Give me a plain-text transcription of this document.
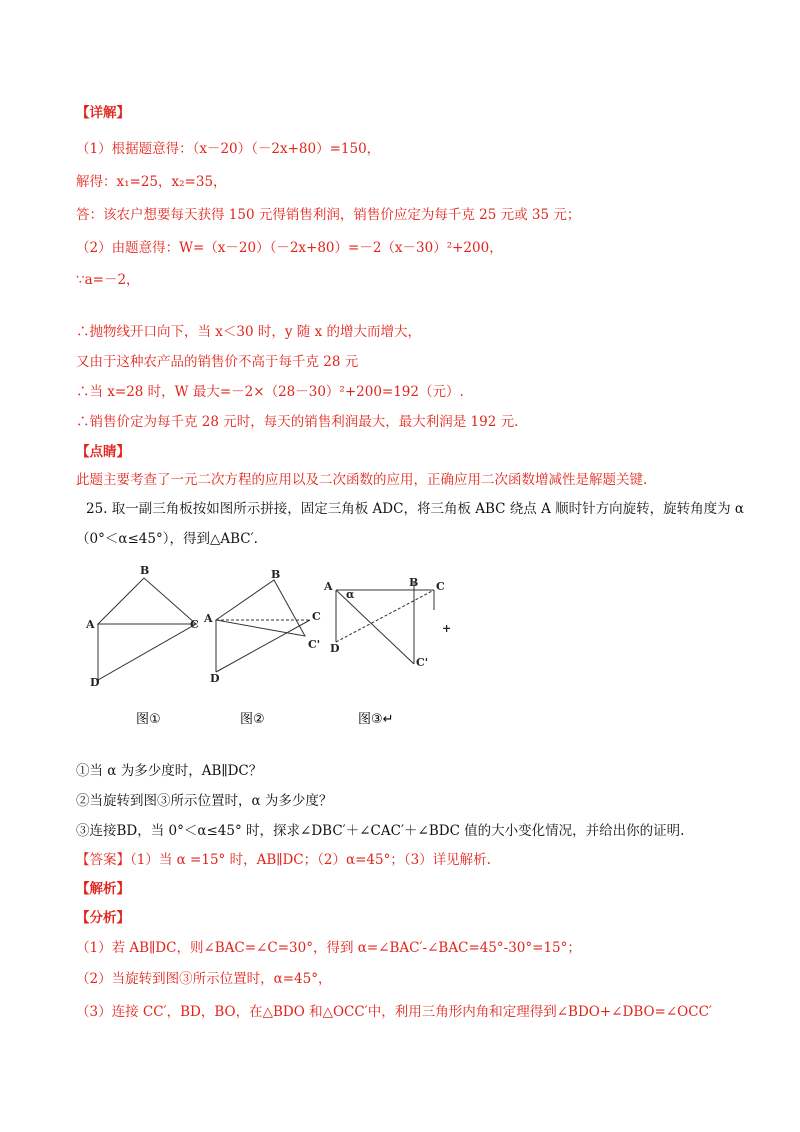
【详解】
（1）根据题意得：（x－20）（－2x+80）=150，
解得：x₁=25，x₂=35，
答：该农户想要每天获得 150 元得销售利润，销售价应定为每千克 25 元或 35 元；
（2）由题意得：W=（x－20）（－2x+80）=－2（x－30）²+200，
∵a=－2，
∴抛物线开口向下，当 x＜30 时，y 随 x 的增大而增大，
又由于这种农产品的销售价不高于每千克 28 元
∴当 x=28 时，W 最大=－2×（28－30）²+200=192（元）.
∴销售价定为每千克 28 元时，每天的销售利润最大，最大利润是 192 元.
【点睛】
此题主要考查了一元二次方程的应用以及二次函数的应用，正确应用二次函数增减性是解题关键.
25. 取一副三角板按如图所示拼接，固定三角板 ADC，将三角板 ABC 绕点 A 顺时针方向旋转，旋转角度为 α
（0°＜α≤45°），得到△ABC′.
B
A	C
D
B
A	C
C'
D
A	B C
C'
D
α
+
图①	图②	图③↵
①当 α 为多少度时，AB∥DC？
②当旋转到图③所示位置时，α 为多少度？
③连接BD，当 0°＜α≤45° 时，探求∠DBC′＋∠CAC′＋∠BDC 值的大小变化情况，并给出你的证明.
【答案】（1）当 α =15° 时，AB∥DC；（2）α=45°；（3）详见解析.
【解析】
【分析】
（1）若 AB∥DC，则∠BAC=∠C=30°，得到 α=∠BAC′-∠BAC=45°-30°=15°；
（2）当旋转到图③所示位置时，α=45°，
（3）连接 CC′，BD，BO，在△BDO 和△OCC′中，利用三角形内角和定理得到∠BDO+∠DBO=∠OCC′
